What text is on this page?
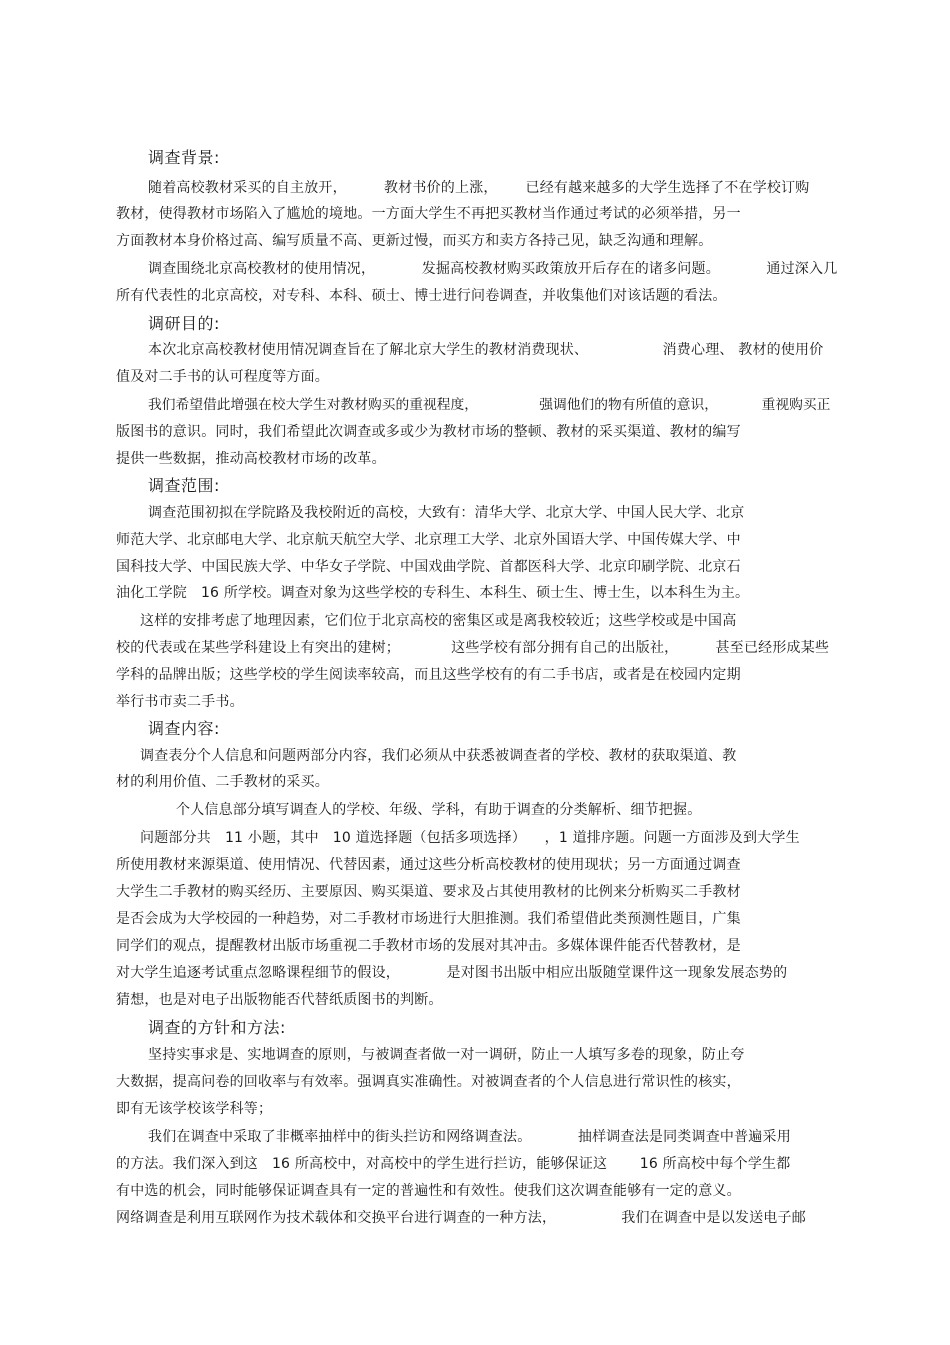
调查背景:
随着高校教材采买的自主放开，        教材书价的上涨，      已经有越来越多的大学生选择了不在学校订购
教材，使得教材市场陷入了尴尬的境地。一方面大学生不再把买教材当作通过考试的必须举措，另一
方面教材本身价格过高、编写质量不高、更新过慢，而买方和卖方各持己见，缺乏沟通和理解。
调查围绕北京高校教材的使用情况，          发掘高校教材购买政策放开后存在的诸多问题。          通过深入几
所有代表性的北京高校，对专科、本科、硕士、博士进行问卷调查，并收集他们对该话题的看法。
调研目的:
本次北京高校教材使用情况调查旨在了解北京大学生的教材消费现状、                消费心理、 教材的使用价
值及对二手书的认可程度等方面。
我们希望借此增强在校大学生对教材购买的重视程度，              强调他们的物有所值的意识，          重视购买正
版图书的意识。同时，我们希望此次调查或多或少为教材市场的整顿、教材的采买渠道、教材的编写
提供一些数据，推动高校教材市场的改革。
调查范围:
调查范围初拟在学院路及我校附近的高校，大致有：清华大学、北京大学、中国人民大学、北京
师范大学、北京邮电大学、北京航天航空大学、北京理工大学、北京外国语大学、中国传媒大学、中
国科技大学、中国民族大学、中华女子学院、中国戏曲学院、首都医科大学、北京印刷学院、北京石
油化工学院   16 所学校。调查对象为这些学校的专科生、本科生、硕士生、博士生，以本科生为主。
这样的安排考虑了地理因素，它们位于北京高校的密集区或是离我校较近；这些学校或是中国高
校的代表或在某些学科建设上有突出的建树；           这些学校有部分拥有自己的出版社，        甚至已经形成某些
学科的品牌出版；这些学校的学生阅读率较高，而且这些学校有的有二手书店，或者是在校园内定期
举行书市卖二手书。
调查内容:
调查表分个人信息和问题两部分内容，我们必须从中获悉被调查者的学校、教材的获取渠道、教
材的利用价值、二手教材的采买。
个人信息部分填写调查人的学校、年级、学科，有助于调查的分类解析、细节把握。
问题部分共   11 小题，其中   10 道选择题（包括多项选择）    ，1 道排序题。问题一方面涉及到大学生
所使用教材来源渠道、使用情况、代替因素，通过这些分析高校教材的使用现状；另一方面通过调查
大学生二手教材的购买经历、主要原因、购买渠道、要求及占其使用教材的比例来分析购买二手教材
是否会成为大学校园的一种趋势，对二手教材市场进行大胆推测。我们希望借此类预测性题目，广集
同学们的观点，提醒教材出版市场重视二手教材市场的发展对其冲击。多媒体课件能否代替教材，是
对大学生追逐考试重点忽略课程细节的假设，          是对图书出版中相应出版随堂课件这一现象发展态势的
猜想，也是对电子出版物能否代替纸质图书的判断。
调查的方针和方法:
坚持实事求是、实地调查的原则，与被调查者做一对一调研，防止一人填写多卷的现象，防止夸
大数据，提高问卷的回收率与有效率。强调真实准确性。对被调查者的个人信息进行常识性的核实，
即有无该学校该学科等；
我们在调查中采取了非概率抽样中的街头拦访和网络调查法。          抽样调查法是同类调查中普遍采用
的方法。我们深入到这   16 所高校中，对高校中的学生进行拦访，能够保证这       16 所高校中每个学生都
有中选的机会，同时能够保证调查具有一定的普遍性和有效性。使我们这次调查能够有一定的意义。
网络调查是利用互联网作为技术载体和交换平台进行调查的一种方法，              我们在调查中是以发送电子邮
